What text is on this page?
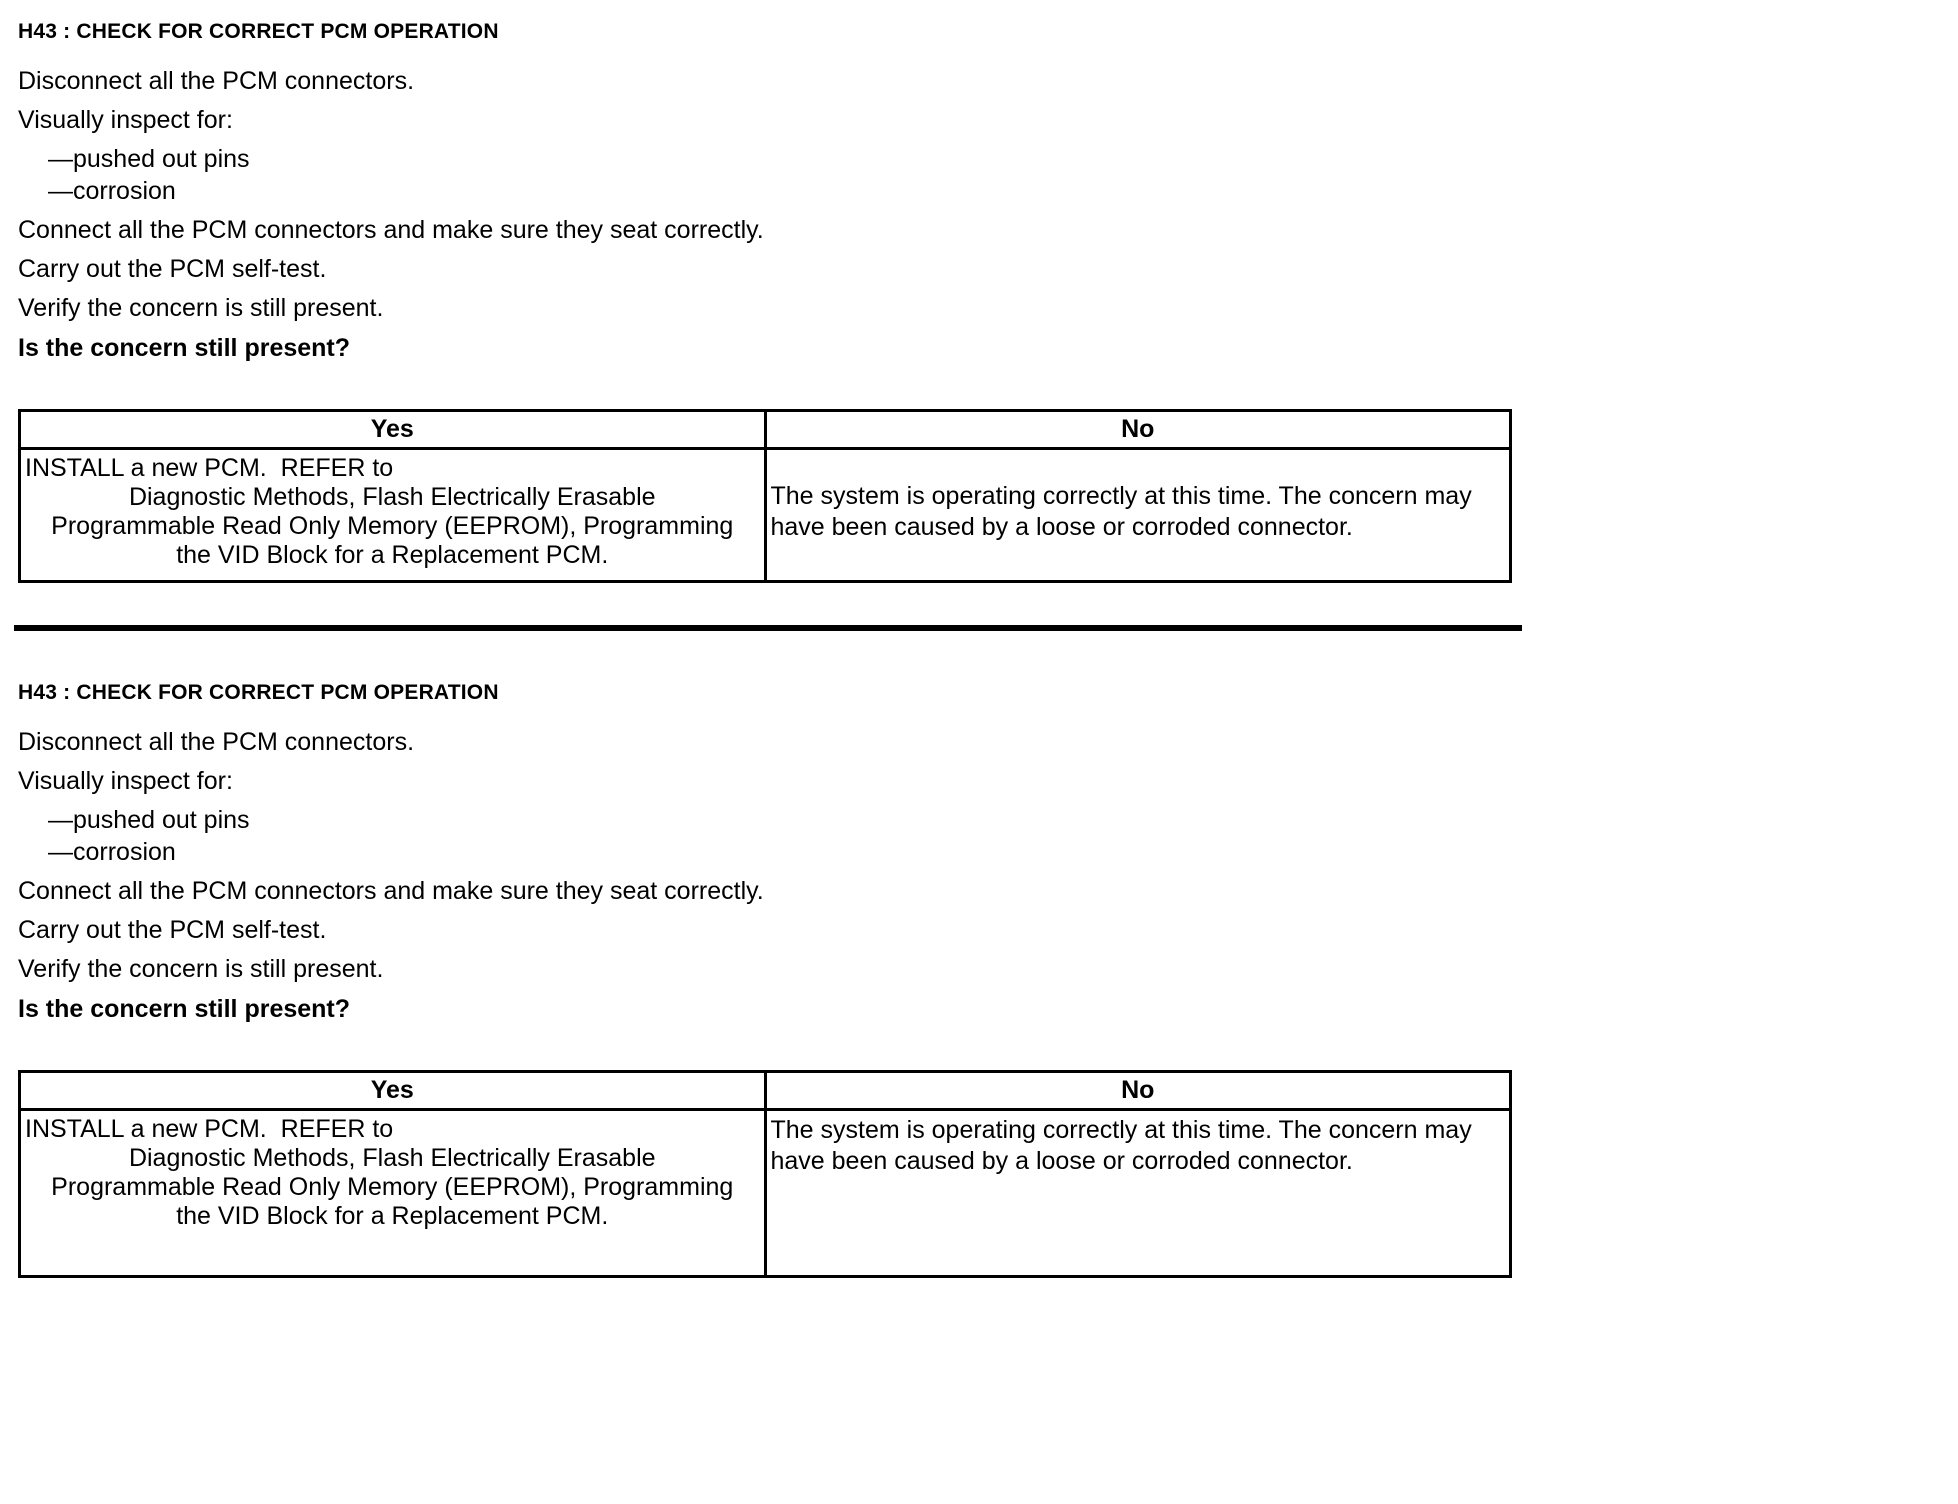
H43 : CHECK FOR CORRECT PCM OPERATION

Disconnect all the PCM connectors.

Visually inspect for:

—pushed out pins

—corrosion

Connect all the PCM connectors and make sure they seat correctly.

Carry out the PCM self-test.

Verify the concern is still present.

Is the concern still present?

Yes	No

INSTALL a new PCM.  REFER to
Diagnostic Methods, Flash Electrically Erasable
Programmable Read Only Memory (EEPROM), Programming
the VID Block for a Replacement PCM.	The system is operating correctly at this time. The concern may have been caused by a loose or corroded connector.
H43 : CHECK FOR CORRECT PCM OPERATION

Disconnect all the PCM connectors.

Visually inspect for:

—pushed out pins

—corrosion

Connect all the PCM connectors and make sure they seat correctly.

Carry out the PCM self-test.

Verify the concern is still present.

Is the concern still present?

Yes	No

INSTALL a new PCM.  REFER to
Diagnostic Methods, Flash Electrically Erasable
Programmable Read Only Memory (EEPROM), Programming
the VID Block for a Replacement PCM.	The system is operating correctly at this time. The concern may have been caused by a loose or corroded connector.
